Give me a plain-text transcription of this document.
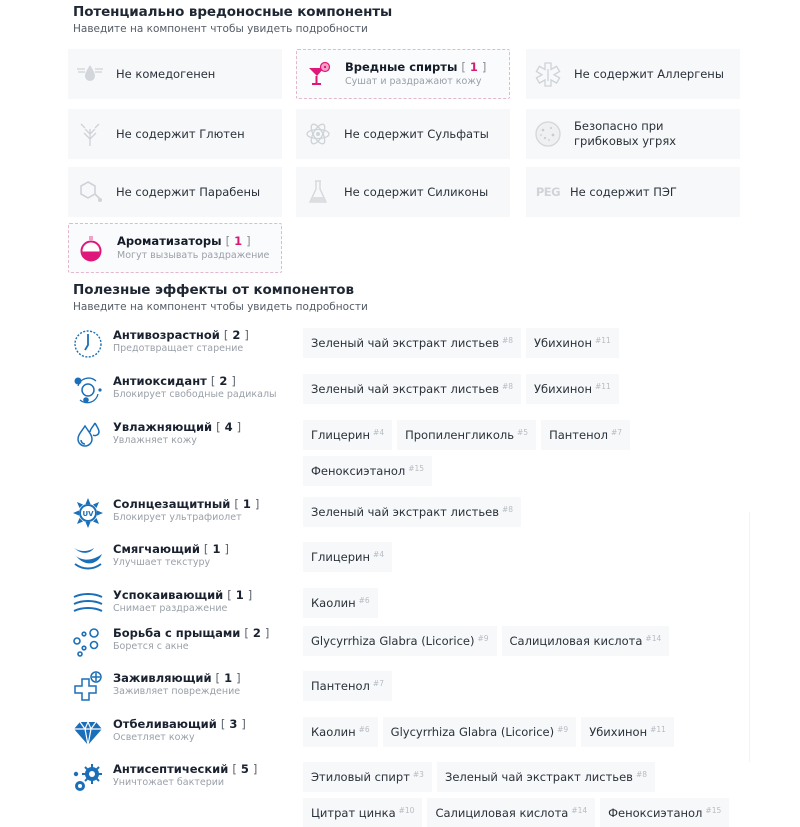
Потенциально вредоносные компоненты
Наведите на компонент чтобы увидеть подробности
Не комедогенен	Вредные спирты [ 1 ]
Сушат и раздражают кожу
Не содержит Аллергены
Не содержит Глютен	Не содержит Сульфаты
Безопасно при
грибковых угрях
Не содержит Парабены	Не содержит Силиконы	PEG Не содержит ПЭГ
Ароматизаторы [ 1 ]
Могут вызывать раздражение
Полезные эффекты от компонентов
Наведите на компонент чтобы увидеть подробности
Антивозрастной [ 2 ]
Предотвращает старение	Зеленый чай экстракт листьев $^{\#8}$ Убихинон $^{\#11}$
Антиоксидант [ 2 ]
Блокирует свободные радикалы	Зеленый чай экстракт листьев $^{\#8}$ Убихинон $^{\#11}$
Увлажняющий [ 4 ]
Увлажняет кожу	Глицерин $^{\#4}$ Пропиленгликоль $^{\#5}$ Пантенол $^{\#7}$
Феноксиэтанол $^{\#15}$
UV
Солнцезащитный [ 1 ]
Блокирует ультрафиолет	Зеленый чай экстракт листьев $^{\#8}$
Смягчающий [ 1 ]
Улучшает текстуру	Глицерин $^{\#4}$
Успокаивающий [ 1 ]
Снимает раздражение	Каолин $^{\#6}$
Борьба с прыщами [ 2 ]
Борется с акне	Glycyrrhiza Glabra (Licorice) $^{\#9}$ Салициловая кислота $^{\#14}$
Заживляющий [ 1 ]
Заживляет повреждение	Пантенол $^{\#7}$
Отбеливающий [ 3 ]
Осветляет кожу	Каолин $^{\#6}$ Glycyrrhiza Glabra (Licorice) $^{\#9}$ Убихинон $^{\#11}$
Антисептический [ 5 ]
Уничтожает бактерии	Этиловый спирт $^{\#3}$ Зеленый чай экстракт листьев $^{\#8}$
Цитрат цинка $^{\#10}$ Салициловая кислота $^{\#14}$ Феноксиэтанол $^{\#15}$
